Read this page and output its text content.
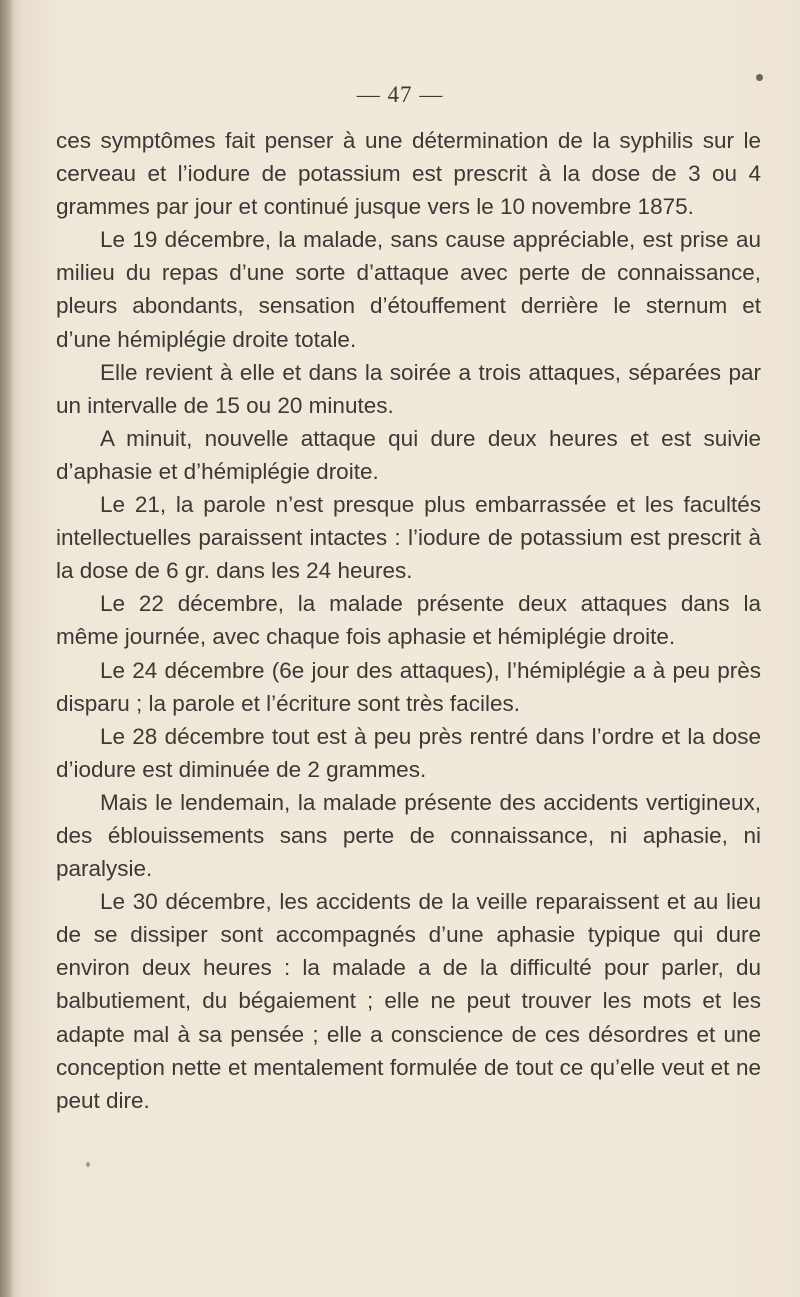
— 47 —

ces symptômes fait penser à une détermination de la syphilis sur le cerveau et l’iodure de potassium est prescrit à la dose de 3 ou 4 grammes par jour et continué jusque vers le 10 novembre 1875.

Le 19 décembre, la malade, sans cause appréciable, est prise au milieu du repas d’une sorte d’attaque avec perte de connaissance, pleurs abondants, sensation d’étouffement derrière le sternum et d’une hémiplégie droite totale.

Elle revient à elle et dans la soirée a trois attaques, séparées par un intervalle de 15 ou 20 minutes.

A minuit, nouvelle attaque qui dure deux heures et est suivie d’aphasie et d’hémiplégie droite.

Le 21, la parole n’est presque plus embarrassée et les facultés intellectuelles paraissent intactes : l’iodure de potassium est prescrit à la dose de 6 gr. dans les 24 heures.

Le 22 décembre, la malade présente deux attaques dans la même journée, avec chaque fois aphasie et hémiplégie droite.

Le 24 décembre (6e jour des attaques), l’hémiplégie a à peu près disparu ; la parole et l’écriture sont très faciles.

Le 28 décembre tout est à peu près rentré dans l’ordre et la dose d’iodure est diminuée de 2 grammes.

Mais le lendemain, la malade présente des accidents vertigineux, des éblouissements sans perte de connaissance, ni aphasie, ni paralysie.

Le 30 décembre, les accidents de la veille reparaissent et au lieu de se dissiper sont accompagnés d’une aphasie typique qui dure environ deux heures : la malade a de la difficulté pour parler, du balbutiement, du bégaiement ; elle ne peut trouver les mots et les adapte mal à sa pensée ; elle a conscience de ces désordres et une conception nette et mentalement formulée de tout ce qu’elle veut et ne peut dire.
